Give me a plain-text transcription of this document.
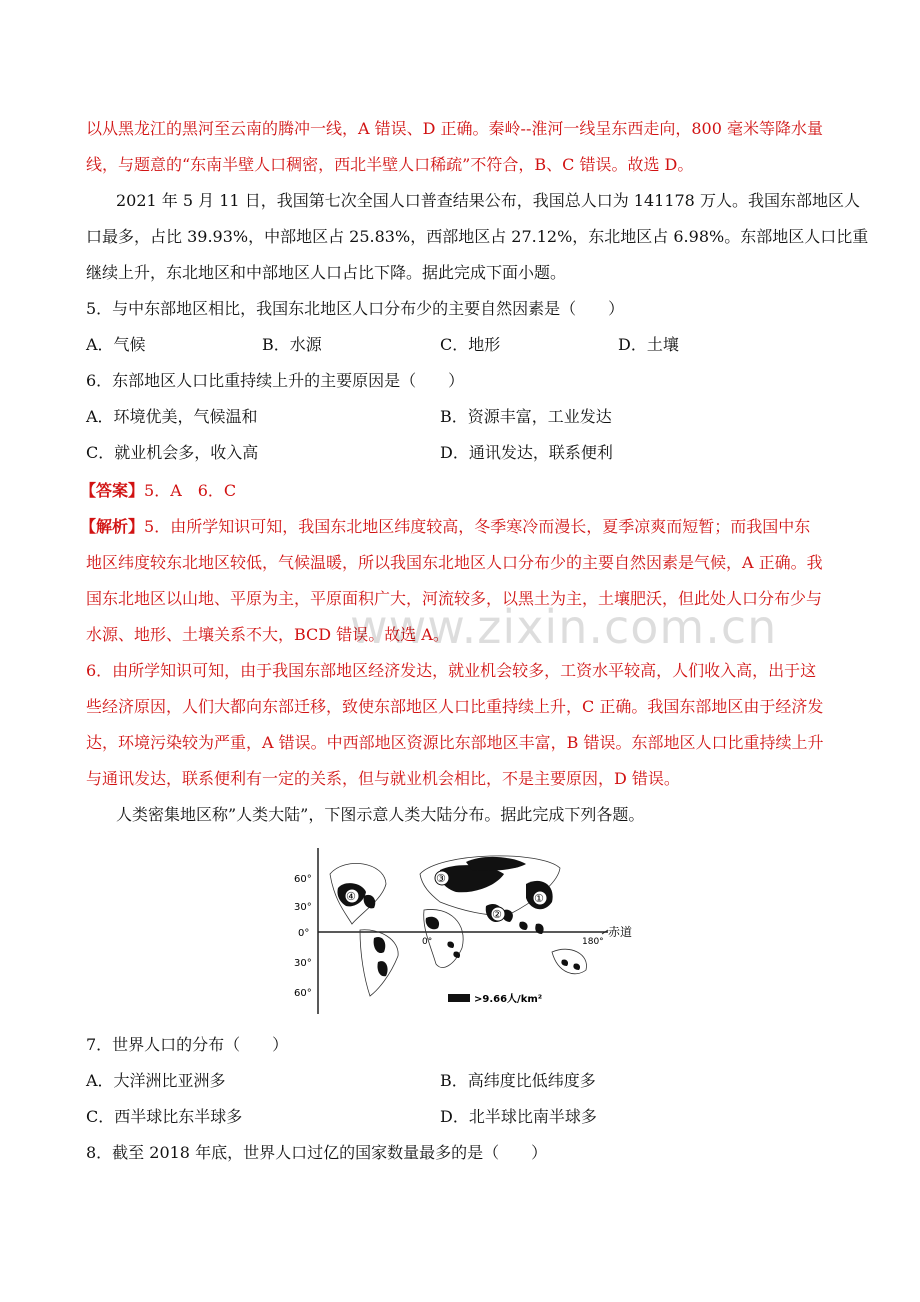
以从黑龙江的黑河至云南的腾冲一线，A 错误、D 正确。秦岭--淮河一线呈东西走向，800 毫米等降水量
线，与题意的“东南半壁人口稠密，西北半壁人口稀疏”不符合，B、C 错误。故选 D。
2021 年 5 月 11 日，我国第七次全国人口普查结果公布，我国总人口为 141178 万人。我国东部地区人
口最多，占比 39.93%，中部地区占 25.83%，西部地区占 27.12%，东北地区占 6.98%。东部地区人口比重
继续上升，东北地区和中部地区人口占比下降。据此完成下面小题。
5．与中东部地区相比，我国东北地区人口分布少的主要自然因素是（　　）
A．气候	B．水源	C．地形	D．土壤
6．东部地区人口比重持续上升的主要原因是（　　）
A．环境优美，气候温和	B．资源丰富，工业发达
C．就业机会多，收入高	D．通讯发达，联系便利
【答案】5．A　6．C
【解析】5．由所学知识可知，我国东北地区纬度较高，冬季寒冷而漫长，夏季凉爽而短暂；而我国中东
地区纬度较东北地区较低，气候温暖，所以我国东北地区人口分布少的主要自然因素是气候，A 正确。我
国东北地区以山地、平原为主，平原面积广大，河流较多，以黑土为主，土壤肥沃，但此处人口分布少与
水源、地形、土壤关系不大，BCD 错误。故选 A。
6．由所学知识可知，由于我国东部地区经济发达，就业机会较多，工资水平较高，人们收入高，出于这
些经济原因，人们大都向东部迁移，致使东部地区人口比重持续上升，C 正确。我国东部地区由于经济发
达，环境污染较为严重，A 错误。中西部地区资源比东部地区丰富，B 错误。东部地区人口比重持续上升
与通讯发达，联系便利有一定的关系，但与就业机会相比，不是主要原因，D 错误。
人类密集地区称”人类大陆”，下图示意人类大陆分布。据此完成下列各题。
www.zixin.com.cn
60°
30°
0°
30°
60°
0°	180°
赤道
①
②
③
④
>9.66人/km²
7．世界人口的分布（　　）
A．大洋洲比亚洲多	B．高纬度比低纬度多
C．西半球比东半球多	D．北半球比南半球多
8．截至 2018 年底，世界人口过亿的国家数量最多的是（　　）
